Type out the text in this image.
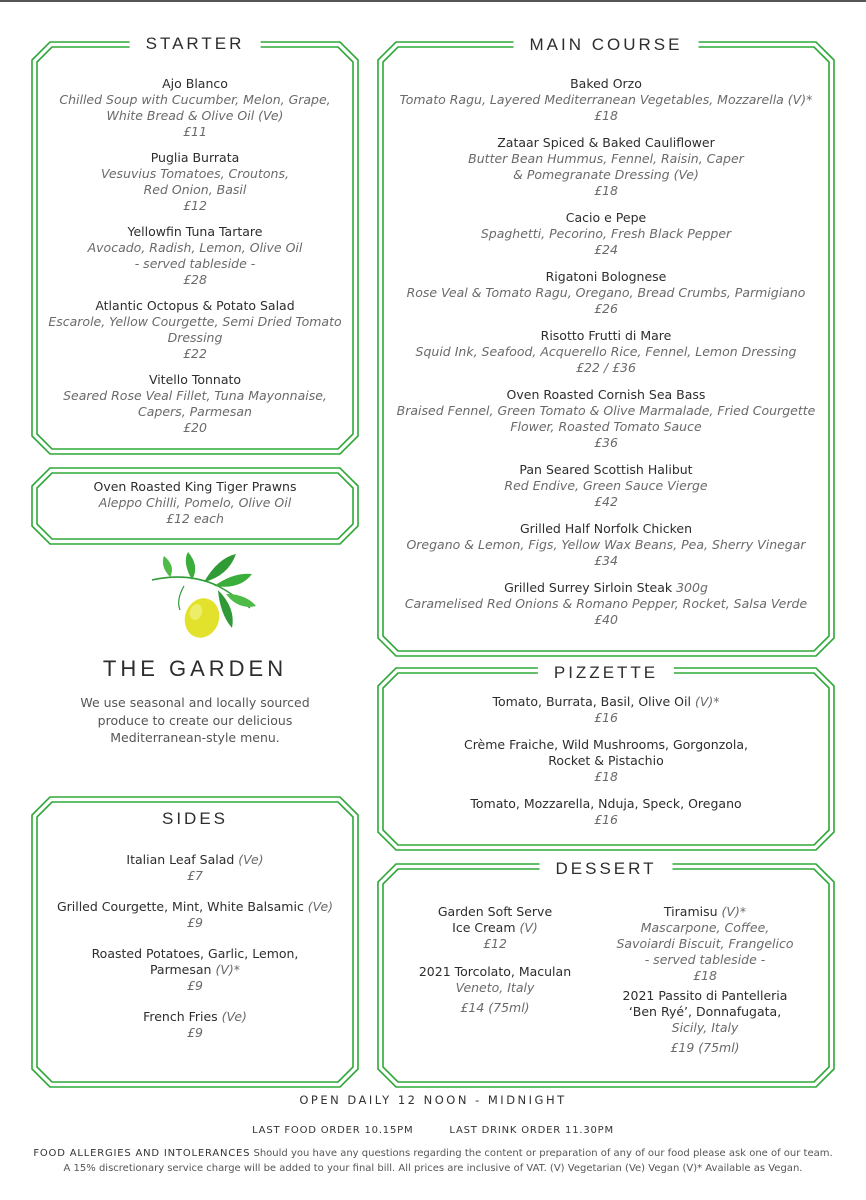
STARTER
Ajo Blanco
Chilled Soup with Cucumber, Melon, Grape,
White Bread & Olive Oil (Ve)
£11
Puglia Burrata
Vesuvius Tomatoes, Croutons,
Red Onion, Basil
£12
Yellowfin Tuna Tartare
Avocado, Radish, Lemon, Olive Oil
- served tableside -
£28
Atlantic Octopus & Potato Salad
Escarole, Yellow Courgette, Semi Dried Tomato
Dressing
£22
Vitello Tonnato
Seared Rose Veal Fillet, Tuna Mayonnaise,
Capers, Parmesan
£20
Oven Roasted King Tiger Prawns
Aleppo Chilli, Pomelo, Olive Oil
£12 each
THE GARDEN
We use seasonal and locally sourced
produce to create our delicious
Mediterranean-style menu.
SIDES
Italian Leaf Salad (Ve)
£7
Grilled Courgette, Mint, White Balsamic (Ve)
£9
Roasted Potatoes, Garlic, Lemon,
Parmesan (V)*
£9
French Fries (Ve)
£9
MAIN COURSE
Baked Orzo
Tomato Ragu, Layered Mediterranean Vegetables, Mozzarella (V)*
£18
Zataar Spiced & Baked Cauliflower
Butter Bean Hummus, Fennel, Raisin, Caper
& Pomegranate Dressing (Ve)
£18
Cacio e Pepe
Spaghetti, Pecorino, Fresh Black Pepper
£24
Rigatoni Bolognese
Rose Veal & Tomato Ragu, Oregano, Bread Crumbs, Parmigiano
£26
Risotto Frutti di Mare
Squid Ink, Seafood, Acquerello Rice, Fennel, Lemon Dressing
£22 / £36
Oven Roasted Cornish Sea Bass
Braised Fennel, Green Tomato & Olive Marmalade, Fried Courgette
Flower, Roasted Tomato Sauce
£36
Pan Seared Scottish Halibut
Red Endive, Green Sauce Vierge
£42
Grilled Half Norfolk Chicken
Oregano & Lemon, Figs, Yellow Wax Beans, Pea, Sherry Vinegar
£34
Grilled Surrey Sirloin Steak 300g
Caramelised Red Onions & Romano Pepper, Rocket, Salsa Verde
£40
PIZZETTE
Tomato, Burrata, Basil, Olive Oil (V)*
£16
Crème Fraiche, Wild Mushrooms, Gorgonzola,
Rocket & Pistachio
£18
Tomato, Mozzarella, Nduja, Speck, Oregano
£16
DESSERT
Garden Soft Serve
Ice Cream (V)
£12
2021 Torcolato, Maculan
Veneto, Italy
£14 (75ml)
Tiramisu (V)*
Mascarpone, Coffee,
Savoiardi Biscuit, Frangelico
- served tableside -
£18
2021 Passito di Pantelleria
‘Ben Ryé’, Donnafugata,
Sicily, Italy
£19 (75ml)
OPEN DAILY 12 NOON - MIDNIGHT
LAST FOOD ORDER 10.15PM	LAST DRINK ORDER 11.30PM
FOOD ALLERGIES AND INTOLERANCES Should you have any questions regarding the content or preparation of any of our food please ask one of our team.
A 15% discretionary service charge will be added to your final bill. All prices are inclusive of VAT. (V) Vegetarian (Ve) Vegan (V)* Available as Vegan.
